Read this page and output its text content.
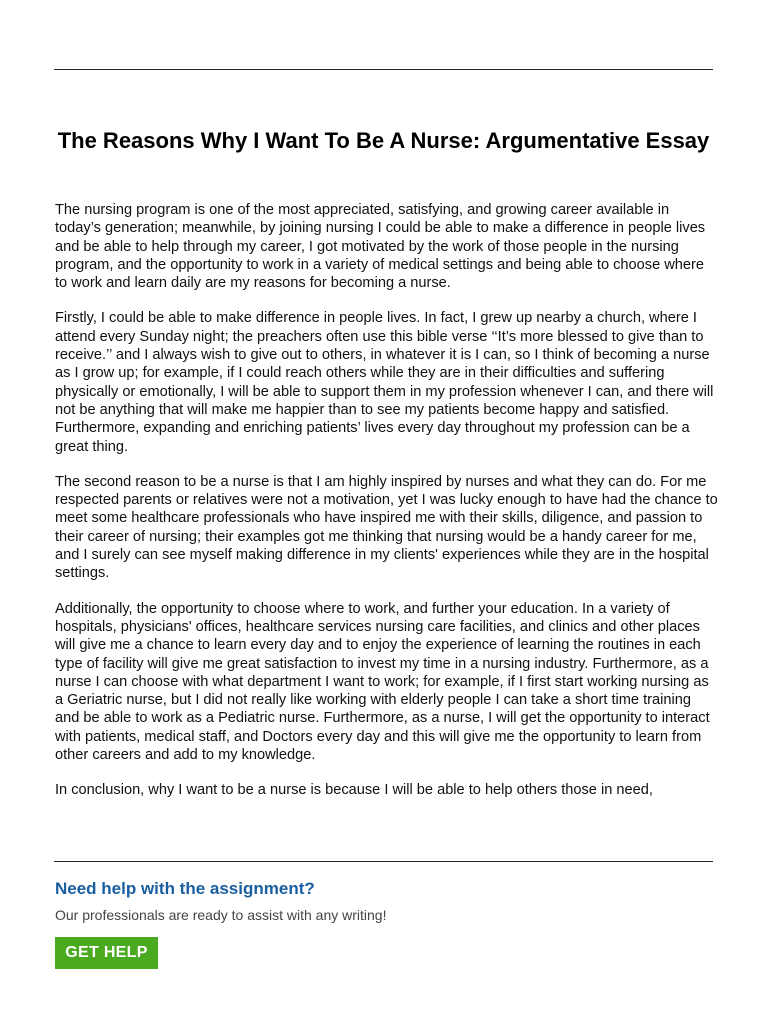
The Reasons Why I Want To Be A Nurse: Argumentative Essay

The nursing program is one of the most appreciated, satisfying, and growing career available in today’s generation; meanwhile, by joining nursing I could be able to make a difference in people lives and be able to help through my career, I got motivated by the work of those people in the nursing program, and the opportunity to work in a variety of medical settings and being able to choose where to work and learn daily are my reasons for becoming a nurse.

Firstly, I could be able to make difference in people lives. In fact, I grew up nearby a church, where I attend every Sunday night; the preachers often use this bible verse ‘‘It’s more blessed to give than to receive.’’ and I always wish to give out to others, in whatever it is I can, so I think of becoming a nurse as I grow up; for example, if I could reach others while they are in their difficulties and suffering physically or emotionally, I will be able to support them in my profession whenever I can, and there will not be anything that will make me happier than to see my patients become happy and satisfied. Furthermore, expanding and enriching patients’ lives every day throughout my profession can be a great thing.

The second reason to be a nurse is that I am highly inspired by nurses and what they can do. For me respected parents or relatives were not a motivation, yet I was lucky enough to have had the chance to meet some healthcare professionals who have inspired me with their skills, diligence, and passion to their career of nursing; their examples got me thinking that nursing would be a handy career for me, and I surely can see myself making difference in my clients' experiences while they are in the hospital settings.

Additionally, the opportunity to choose where to work, and further your education. In a variety of hospitals, physicians' offices, healthcare services nursing care facilities, and clinics and other places will give me a chance to learn every day and to enjoy the experience of learning the routines in each type of facility will give me great satisfaction to invest my time in a nursing industry. Furthermore, as a nurse I can choose with what department I want to work; for example, if I first start working nursing as a Geriatric nurse, but I did not really like working with elderly people I can take a short time training and be able to work as a Pediatric nurse. Furthermore, as a nurse, I will get the opportunity to interact with patients, medical staff, and Doctors every day and this will give me the opportunity to learn from other careers and add to my knowledge.

In conclusion, why I want to be a nurse is because I will be able to help others those in need,

Need help with the assignment?

Our professionals are ready to assist with any writing!

GET HELP
